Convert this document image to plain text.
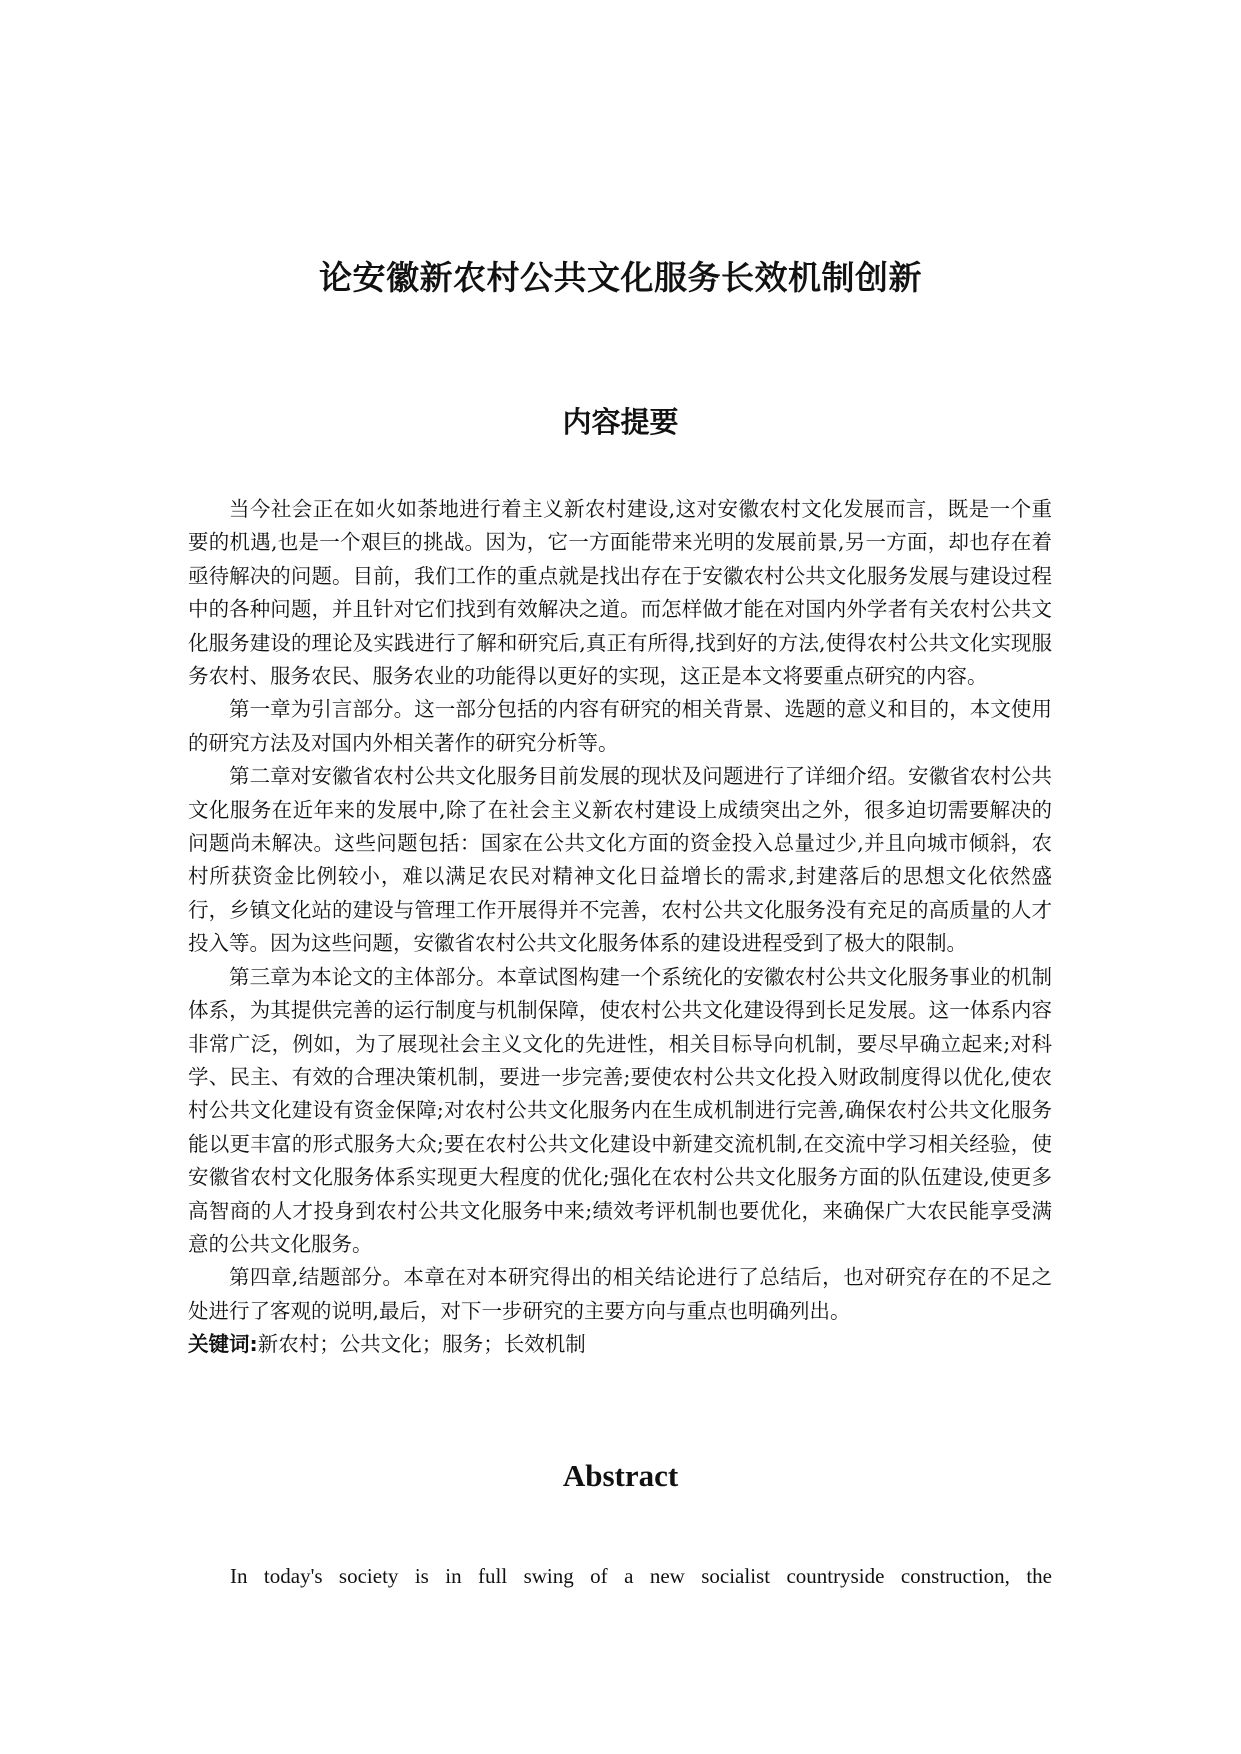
论安徽新农村公共文化服务长效机制创新
内容提要

当今社会正在如火如荼地进行着主义新农村建设,这对安徽农村文化发展而言，既是一个重要的机遇,也是一个艰巨的挑战。因为，它一方面能带来光明的发展前景,另一方面，却也存在着亟待解决的问题。目前，我们工作的重点就是找出存在于安徽农村公共文化服务发展与建设过程中的各种问题，并且针对它们找到有效解决之道。而怎样做才能在对国内外学者有关农村公共文化服务建设的理论及实践进行了解和研究后,真正有所得,找到好的方法,使得农村公共文化实现服务农村、服务农民、服务农业的功能得以更好的实现，这正是本文将要重点研究的内容。

第一章为引言部分。这一部分包括的内容有研究的相关背景、选题的意义和目的，本文使用的研究方法及对国内外相关著作的研究分析等。

第二章对安徽省农村公共文化服务目前发展的现状及问题进行了详细介绍。安徽省农村公共文化服务在近年来的发展中,除了在社会主义新农村建设上成绩突出之外，很多迫切需要解决的问题尚未解决。这些问题包括：国家在公共文化方面的资金投入总量过少,并且向城市倾斜，农村所获资金比例较小，难以满足农民对精神文化日益增长的需求,封建落后的思想文化依然盛行，乡镇文化站的建设与管理工作开展得并不完善，农村公共文化服务没有充足的高质量的人才投入等。因为这些问题，安徽省农村公共文化服务体系的建设进程受到了极大的限制。

第三章为本论文的主体部分。本章试图构建一个系统化的安徽农村公共文化服务事业的机制体系，为其提供完善的运行制度与机制保障，使农村公共文化建设得到长足发展。这一体系内容非常广泛，例如，为了展现社会主义文化的先进性，相关目标导向机制，要尽早确立起来;对科学、民主、有效的合理决策机制，要进一步完善;要使农村公共文化投入财政制度得以优化,使农村公共文化建设有资金保障;对农村公共文化服务内在生成机制进行完善,确保农村公共文化服务能以更丰富的形式服务大众;要在农村公共文化建设中新建交流机制,在交流中学习相关经验，使安徽省农村文化服务体系实现更大程度的优化;强化在农村公共文化服务方面的队伍建设,使更多高智商的人才投身到农村公共文化服务中来;绩效考评机制也要优化，来确保广大农民能享受满意的公共文化服务。

第四章,结题部分。本章在对本研究得出的相关结论进行了总结后，也对研究存在的不足之处进行了客观的说明,最后，对下一步研究的主要方向与重点也明确列出。

关键词:新农村；公共文化；服务；长效机制

Abstract

In today's society is in full swing of a new socialist countryside construction, the
